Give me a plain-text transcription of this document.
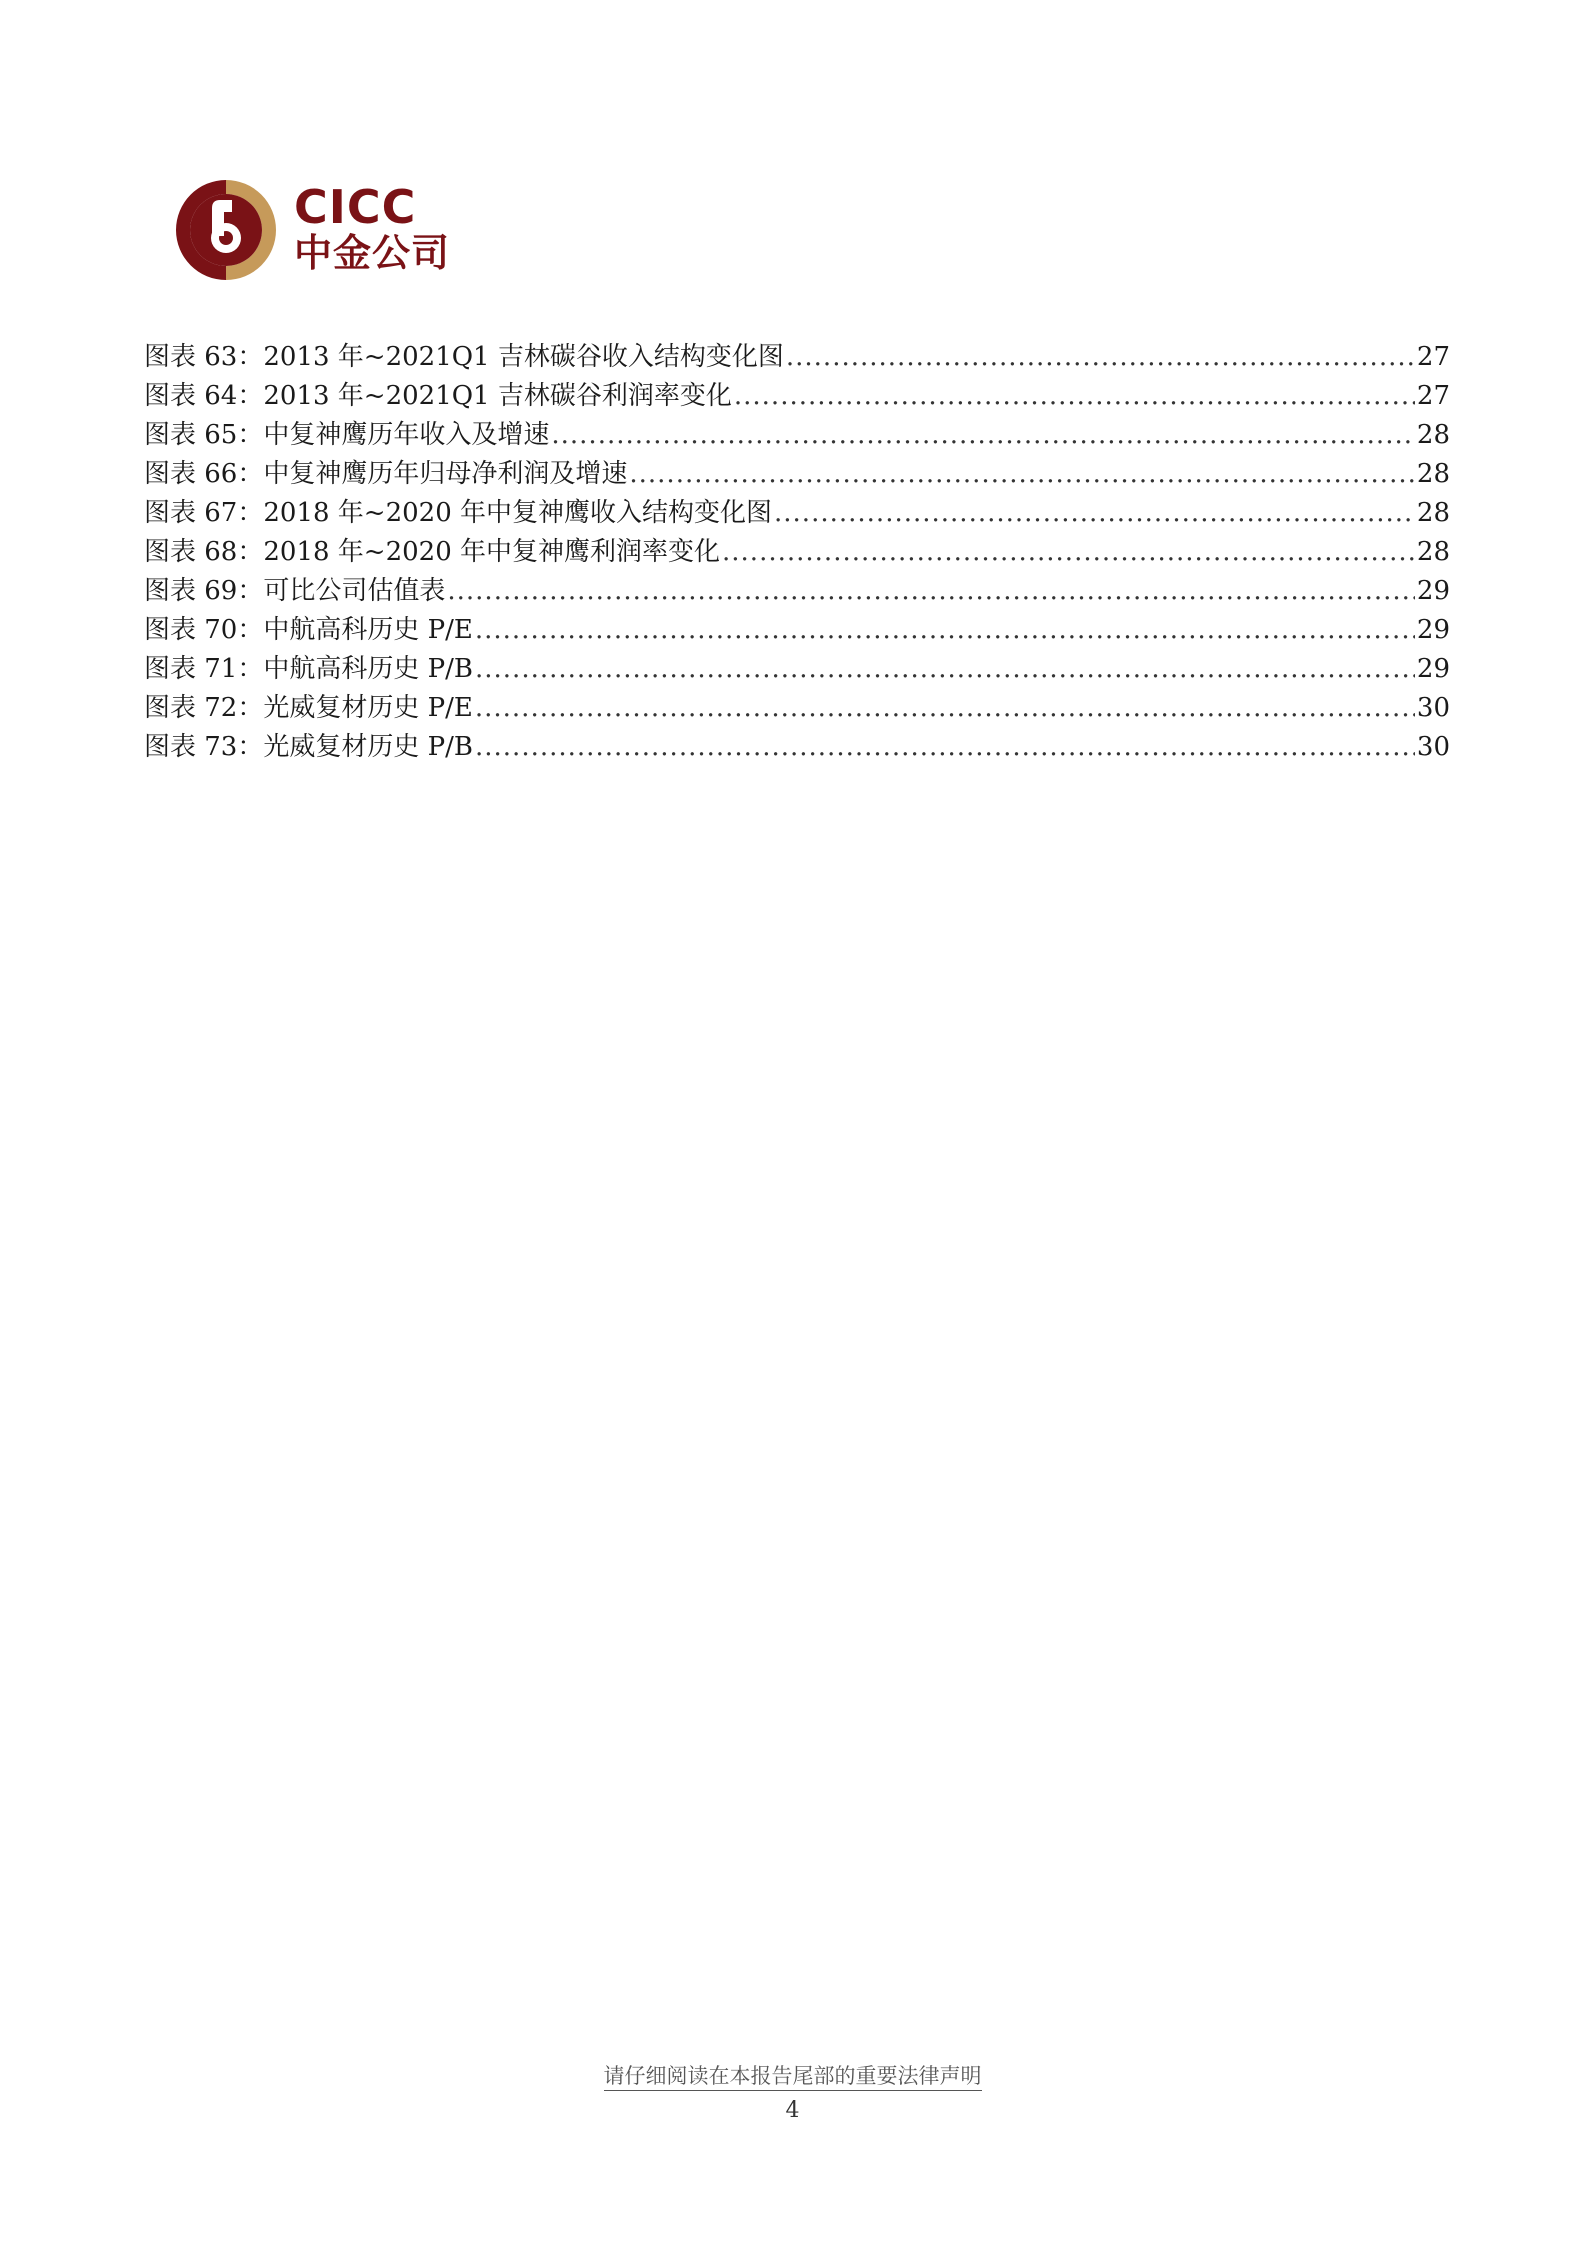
CICC
中金公司
图表 63： 2013 年~2021Q1 吉林碳谷收入结构变化图 .....	27
图表 64： 2013 年~2021Q1 吉林碳谷利润率变化 .....	27
图表 65： 中复神鹰历年收入及增速 .....	28
图表 66： 中复神鹰历年归母净利润及增速 .....	28
图表 67： 2018 年~2020 年中复神鹰收入结构变化图 .....	28
图表 68： 2018 年~2020 年中复神鹰利润率变化 .....	28
图表 69： 可比公司估值表 .....	29
图表 70： 中航高科历史 P/E .....	29
图表 71： 中航高科历史 P/B .....	29
图表 72： 光威复材历史 P/E .....	30
图表 73： 光威复材历史 P/B .....	30
请仔细阅读在本报告尾部的重要法律声明
4
